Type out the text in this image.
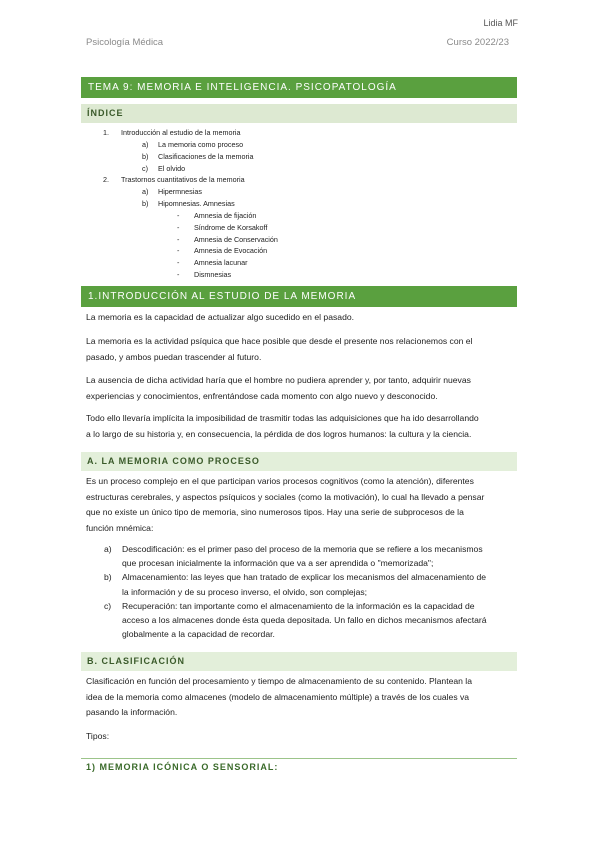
Lidia MF
Psicología Médica	Curso 2022/23
TEMA 9: MEMORIA E INTELIGENCIA. PSICOPATOLOGÍA
ÍNDICE
1. Introducción al estudio de la memoria
a) La memoria como proceso
b) Clasificaciones de la memoria
c) El olvido
2. Trastornos cuantitativos de la memoria
a) Hipermnesias
b) Hipomnesias. Amnesias
- Amnesia de fijación
- Síndrome de Korsakoff
- Amnesia de Conservación
- Amnesia de Evocación
- Amnesia lacunar
- Dismnesias
1.INTRODUCCIÓN AL ESTUDIO DE LA MEMORIA
La memoria es la capacidad de actualizar algo sucedido en el pasado.
La memoria es la actividad psíquica que hace posible que desde el presente nos relacionemos con el
pasado, y ambos puedan trascender al futuro.
La ausencia de dicha actividad haría que el hombre no pudiera aprender y, por tanto, adquirir nuevas
experiencias y conocimientos, enfrentándose cada momento con algo nuevo y desconocido.
Todo ello llevaría implícita la imposibilidad de trasmitir todas las adquisiciones que ha ido desarrollando
a lo largo de su historia y, en consecuencia, la pérdida de dos logros humanos: la cultura y la ciencia.
A. LA MEMORIA COMO PROCESO
Es un proceso complejo en el que participan varios procesos cognitivos (como la atención), diferentes
estructuras cerebrales, y aspectos psíquicos y sociales (como la motivación), lo cual ha llevado a pensar
que no existe un único tipo de memoria, sino numerosos tipos. Hay una serie de subprocesos de la
función mnémica:
a) Descodificación: es el primer paso del proceso de la memoria que se refiere a los mecanismos
que procesan inicialmente la información que va a ser aprendida o "memorizada";
b) Almacenamiento: las leyes que han tratado de explicar los mecanismos del almacenamiento de
la información y de su proceso inverso, el olvido, son complejas;
c) Recuperación: tan importante como el almacenamiento de la información es la capacidad de
acceso a los almacenes donde ésta queda depositada. Un fallo en dichos mecanismos afectará
globalmente a la capacidad de recordar.
B. CLASIFICACIÓN
Clasificación en función del procesamiento y tiempo de almacenamiento de su contenido. Plantean la
idea de la memoria como almacenes (modelo de almacenamiento múltiple) a través de los cuales va
pasando la información.
Tipos:
1) MEMORIA ICÓNICA O SENSORIAL:
